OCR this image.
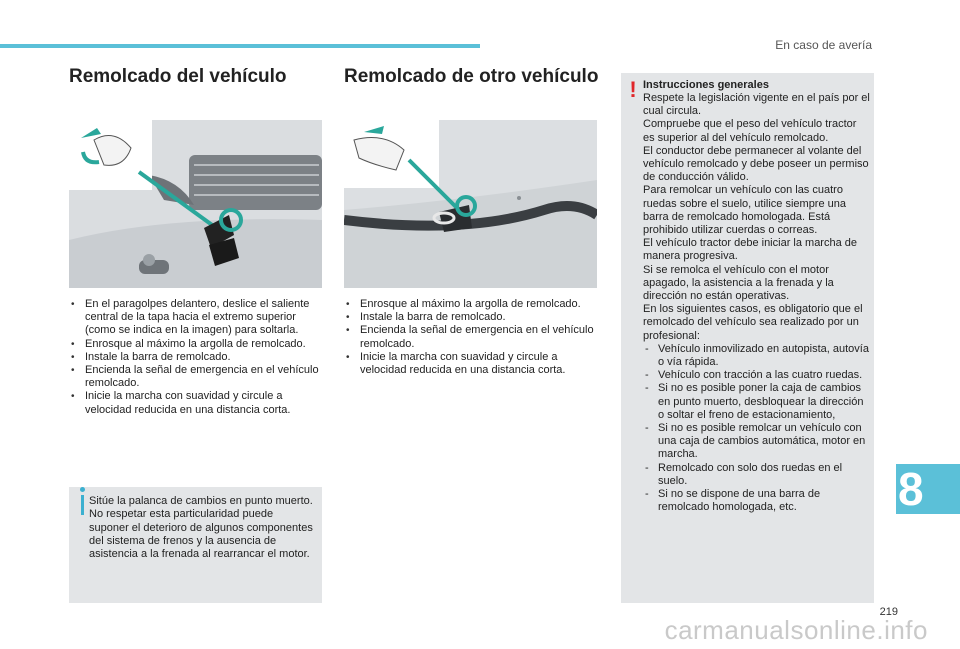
En caso de avería
Remolcado del vehículo
• En el paragolpes delantero, deslice el saliente central de la tapa hacia el extremo superior (como se indica en la imagen) para soltarla.
• Enrosque al máximo la argolla de remolcado.
• Instale la barra de remolcado.
• Encienda la señal de emergencia en el vehículo remolcado.
• Inicie la marcha con suavidad y circule a velocidad reducida en una distancia corta.

Sitúe la palanca de cambios en punto muerto.

No respetar esta particularidad puede suponer el deterioro de algunos componentes del sistema de frenos y la ausencia de asistencia a la frenada al rearrancar el motor.

Remolcado de otro vehículo
• Enrosque al máximo la argolla de remolcado.
• Instale la barra de remolcado.
• Encienda la señal de emergencia en el vehículo remolcado.
• Inicie la marcha con suavidad y circule a velocidad reducida en una distancia corta.
! Instrucciones generales

Respete la legislación vigente en el país por el cual circula.

Compruebe que el peso del vehículo tractor es superior al del vehículo remolcado.

El conductor debe permanecer al volante del vehículo remolcado y debe poseer un permiso de conducción válido.

Para remolcar un vehículo con las cuatro ruedas sobre el suelo, utilice siempre una barra de remolcado homologada. Está prohibido utilizar cuerdas o correas.

El vehículo tractor debe iniciar la marcha de manera progresiva.

Si se remolca el vehículo con el motor apagado, la asistencia a la frenada y la dirección no están operativas.

En los siguientes casos, es obligatorio que el remolcado del vehículo sea realizado por un profesional:

- Vehículo inmovilizado en autopista, autovía o vía rápida.
- Vehículo con tracción a las cuatro ruedas.
- Si no es posible poner la caja de cambios en punto muerto, desbloquear la dirección o soltar el freno de estacionamiento,
- Si no es posible remolcar un vehículo con una caja de cambios automática, motor en marcha.
- Remolcado con solo dos ruedas en el suelo.
- Si no se dispone de una barra de remolcado homologada, etc.	8
219
carmanualsonline.info
